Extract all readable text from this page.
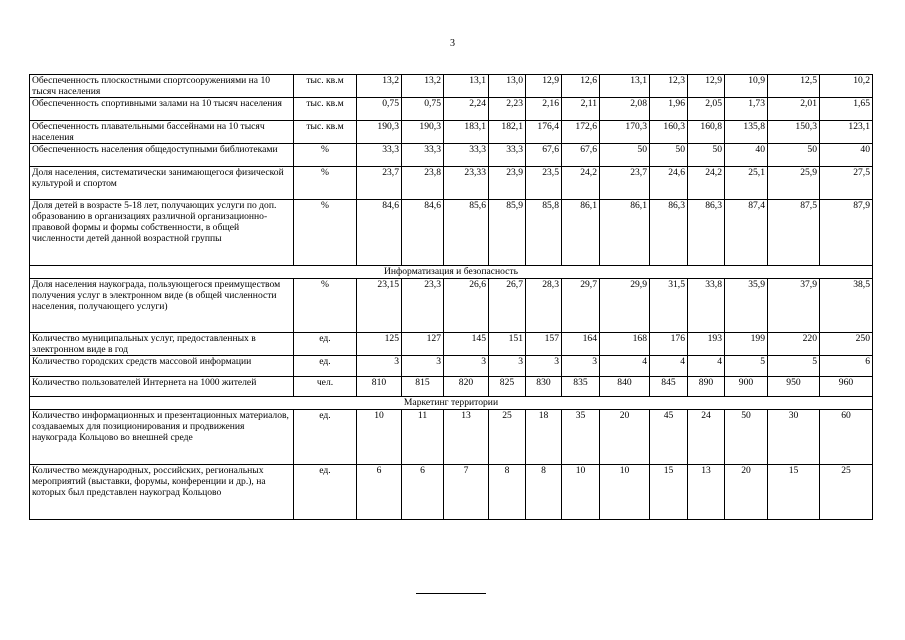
3
Обеспеченность плоскостными спортсооружениями на 10 тысяч населения	тыс. кв.м	13,2	13,2	13,1	13,0	12,9	12,6	13,1	12,3	12,9	10,9	12,5	10,2
Обеспеченность спортивными залами на 10 тысяч населения	тыс. кв.м	0,75	0,75	2,24	2,23	2,16	2,11	2,08	1,96	2,05	1,73	2,01	1,65
Обеспеченность плавательными бассейнами на 10 тысяч населения	тыс. кв.м	190,3	190,3	183,1	182,1	176,4	172,6	170,3	160,3	160,8	135,8	150,3	123,1
Обеспеченность населения общедоступными библиотеками	%	33,3	33,3	33,3	33,3	67,6	67,6	50	50	50	40	50	40
Доля населения, систематически занимающегося физической культурой и спортом	%	23,7	23,8	23,33	23,9	23,5	24,2	23,7	24,6	24,2	25,1	25,9	27,5
Доля детей в возрасте 5-18 лет, получающих услуги по доп. образованию в организациях различной организационно-правовой формы и формы собственности, в общей численности детей данной возрастной группы	%	84,6	84,6	85,6	85,9	85,8	86,1	86,1	86,3	86,3	87,4	87,5	87,9
Информатизация и безопасность													
Доля населения наукограда, пользующегося преимуществом получения услуг в электронном виде (в общей численности населения, получающего услуги)	%	23,15	23,3	26,6	26,7	28,3	29,7	29,9	31,5	33,8	35,9	37,9	38,5
Количество муниципальных услуг, предоставленных в электронном виде в год	ед.	125	127	145	151	157	164	168	176	193	199	220	250
Количество городских средств массовой информации	ед.	3	3	3	3	3	3	4	4	4	5	5	6
Количество пользователей Интернета на 1000 жителей	чел.	810	815	820	825	830	835	840	845	890	900	950	960
Маркетинг территории													
Количество информационных и презентационных материалов, создаваемых для позиционирования и продвижения наукограда Кольцово во внешней среде	ед.	10	11	13	25	18	35	20	45	24	50	30	60
Количество международных, российских, региональных мероприятий (выставки, форумы, конференции и др.), на которых был представлен наукоград Кольцово	ед.	6	6	7	8	8	10	10	15	13	20	15	25
